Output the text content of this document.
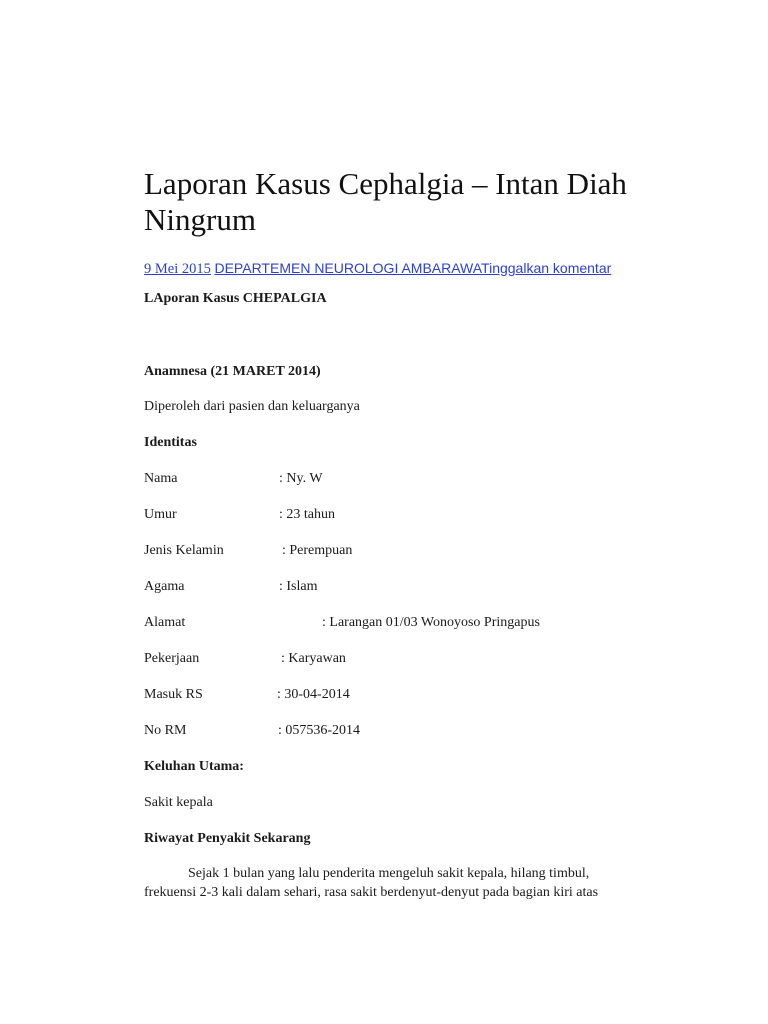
Laporan Kasus Cephalgia – Intan Diah Ningrum
9 Mei 2015 DEPARTEMEN NEUROLOGI AMBARAWATinggalkan komentar

LAporan Kasus CHEPALGIA

Anamnesa (21 MARET 2014)

Diperoleh dari pasien dan keluarganya

Identitas

Nama	: Ny. W
Umur	: 23 tahun
Jenis Kelamin	: Perempuan
Agama	: Islam
Alamat	: Larangan 01/03 Wonoyoso Pringapus
Pekerjaan	: Karyawan
Masuk RS	: 30-04-2014
No RM	: 057536-2014

Keluhan Utama:

Sakit kepala

Riwayat Penyakit Sekarang

Sejak 1 bulan yang lalu penderita mengeluh sakit kepala, hilang timbul,

frekuensi 2-3 kali dalam sehari, rasa sakit berdenyut-denyut pada bagian kiri atas
